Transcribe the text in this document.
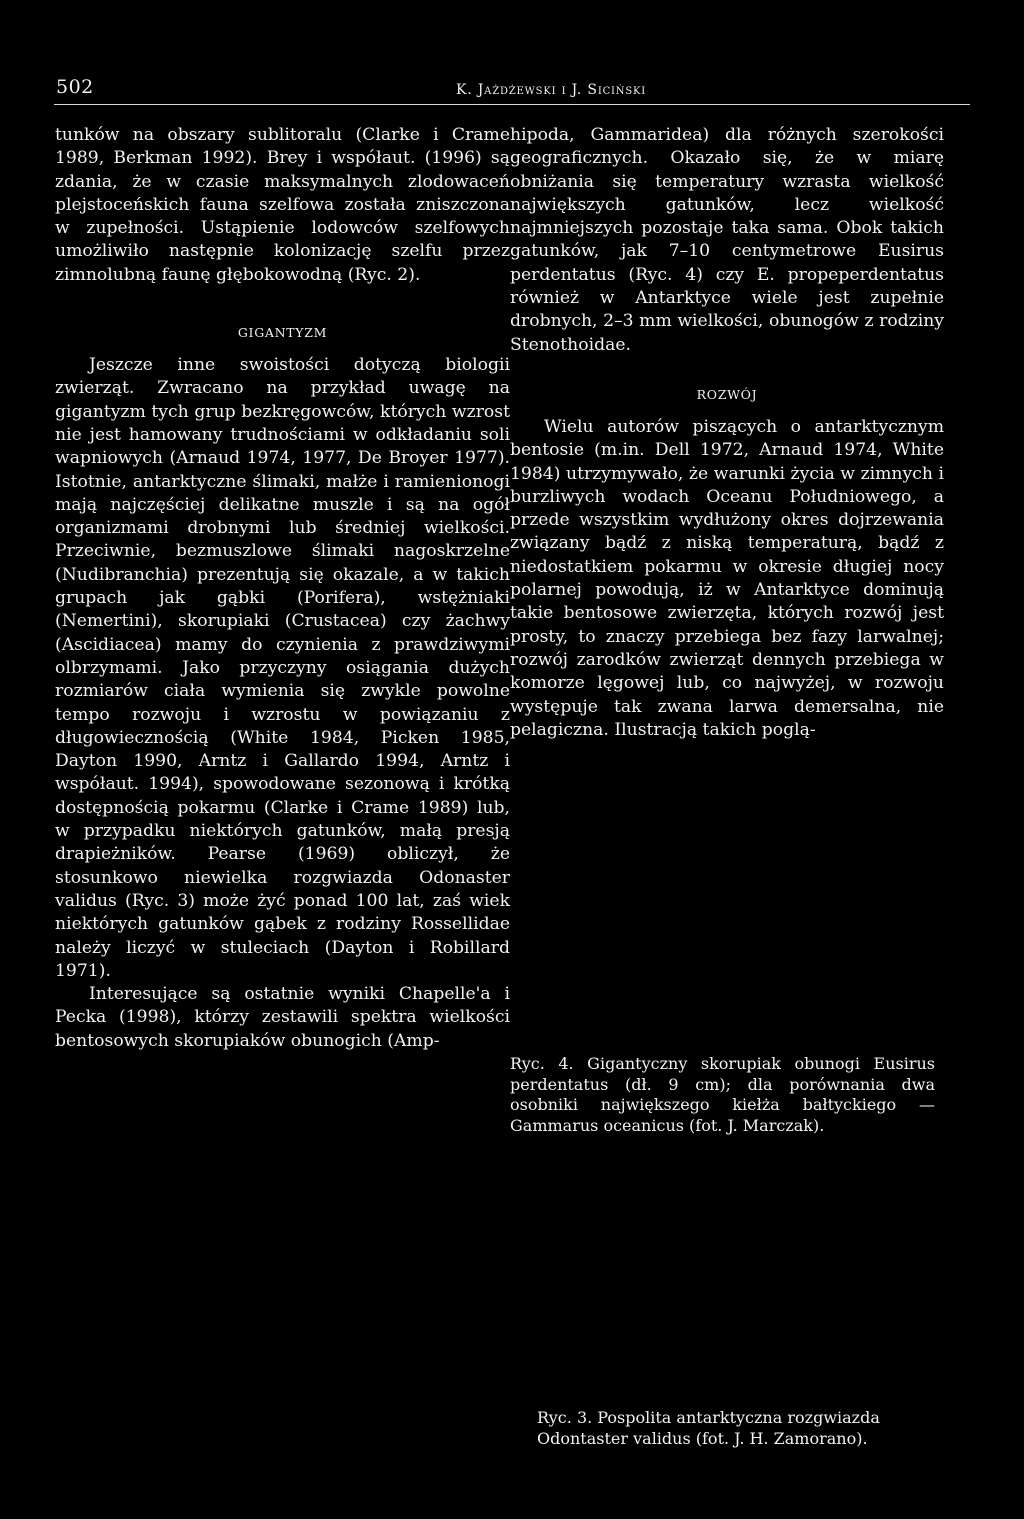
502	K. Jażdżewski i J. Siciński

tunków na obszary sublitoralu (Clarke i Crame 1989, Berkman 1992). Brey i współaut. (1996) są zdania, że w czasie maksymalnych zlodowaceń plejstoceńskich fauna szelfowa została zniszczona w zupełności. Ustąpienie lodowców szelfowych umożliwiło następnie kolonizację szelfu przez zimnolubną faunę głębokowodną (Ryc. 2).

GIGANTYZM

Jeszcze inne swoistości dotyczą biologii zwierząt. Zwracano na przykład uwagę na gigantyzm tych grup bezkręgowców, których wzrost nie jest hamowany trudnościami w odkładaniu soli wapniowych (Arnaud 1974, 1977, De Broyer 1977). Istotnie, antarktyczne ślimaki, małże i ramienionogi mają najczęściej delikatne muszle i są na ogół organizmami drobnymi lub średniej wielkości. Przeciwnie, bezmuszlowe ślimaki nagoskrzelne (Nudibranchia) prezentują się okazale, a w takich grupach jak gąbki (Porifera), wstężniaki (Nemertini), skorupiaki (Crustacea) czy żachwy (Ascidiacea) mamy do czynienia z prawdziwymi olbrzymami. Jako przyczyny osiągania dużych rozmiarów ciała wymienia się zwykle powolne tempo rozwoju i wzrostu w powiązaniu z długowiecznością (White 1984, Picken 1985, Dayton 1990, Arntz i Gallardo 1994, Arntz i współaut. 1994), spowodowane sezonową i krótką dostępnością pokarmu (Clarke i Crame 1989) lub, w przypadku niektórych gatunków, małą presją drapieżników. Pearse (1969) obliczył, że stosunkowo niewielka rozgwiazda Odonaster validus (Ryc. 3) może żyć ponad 100 lat, zaś wiek niektórych gatunków gąbek z rodziny Rossellidae należy liczyć w stuleciach (Dayton i Robillard 1971).

Interesujące są ostatnie wyniki Chapelle'a i Pecka (1998), którzy zestawili spektra wielkości bentosowych skorupiaków obunogich (Amp-

hipoda, Gammaridea) dla różnych szerokości geograficznych. Okazało się, że w miarę obniżania się temperatury wzrasta wielkość największych gatunków, lecz wielkość najmniejszych pozostaje taka sama. Obok takich gatunków, jak 7–10 centymetrowe Eusirus perdentatus (Ryc. 4) czy E. propeperdentatus również w Antarktyce wiele jest zupełnie drobnych, 2–3 mm wielkości, obunogów z rodziny Stenothoidae.

ROZWÓJ

Wielu autorów piszących o antarktycznym bentosie (m.in. Dell 1972, Arnaud 1974, White 1984) utrzymywało, że warunki życia w zimnych i burzliwych wodach Oceanu Południowego, a przede wszystkim wydłużony okres dojrzewania związany bądź z niską temperaturą, bądź z niedostatkiem pokarmu w okresie długiej nocy polarnej powodują, iż w Antarktyce dominują takie bentosowe zwierzęta, których rozwój jest prosty, to znaczy przebiega bez fazy larwalnej; rozwój zarodków zwierząt dennych przebiega w komorze lęgowej lub, co najwyżej, w rozwoju występuje tak zwana larwa demersalna, nie pelagiczna. Ilustracją takich poglą-

Ryc. 4. Gigantyczny skorupiak obunogi Eusirus perdentatus (dł. 9 cm); dla porównania dwa osobniki największego kiełża bałtyckiego — Gammarus oceanicus (fot. J. Marczak).

Ryc. 3. Pospolita antarktyczna rozgwiazda Odontaster validus (fot. J. H. Zamorano).
